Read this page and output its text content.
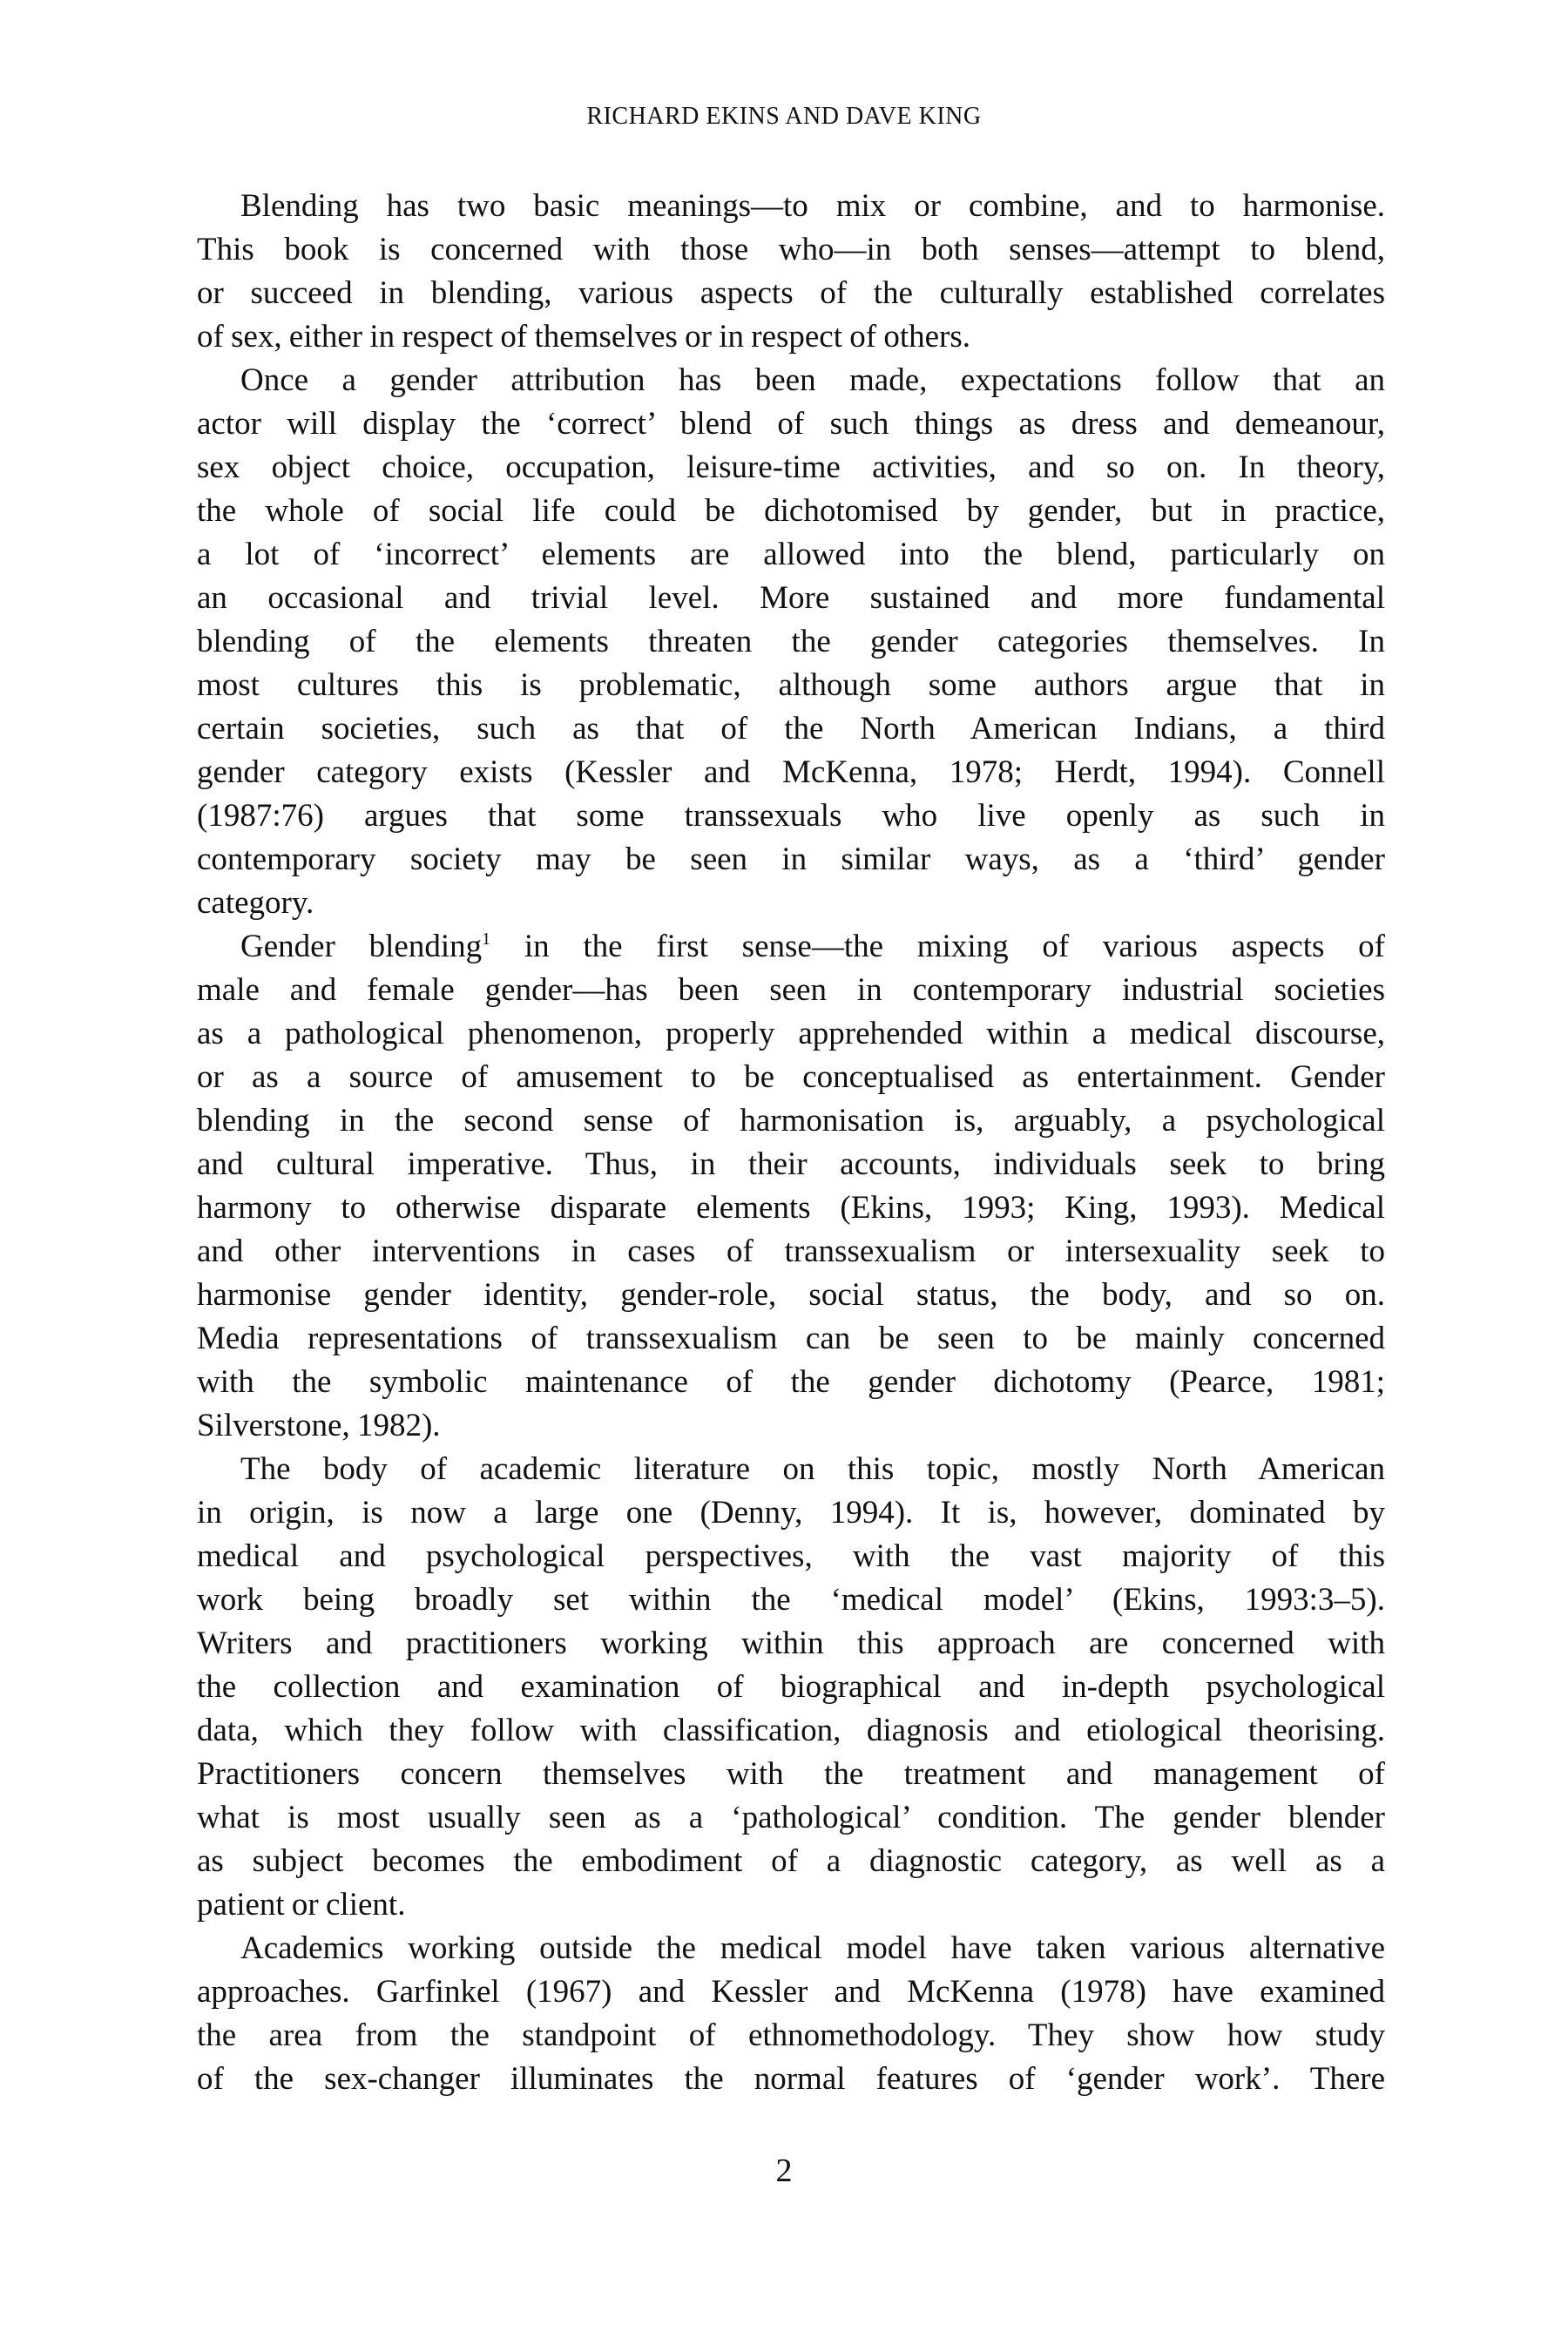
RICHARD EKINS AND DAVE KING
Blending has two basic meanings—to mix or combine, and to harmonise.
This book is concerned with those who—in both senses—attempt to blend,
or succeed in blending, various aspects of the culturally established correlates
of sex, either in respect of themselves or in respect of others.
Once a gender attribution has been made, expectations follow that an
actor will display the ‘correct’ blend of such things as dress and demeanour,
sex object choice, occupation, leisure-time activities, and so on. In theory,
the whole of social life could be dichotomised by gender, but in practice,
a lot of ‘incorrect’ elements are allowed into the blend, particularly on
an occasional and trivial level. More sustained and more fundamental
blending of the elements threaten the gender categories themselves. In
most cultures this is problematic, although some authors argue that in
certain societies, such as that of the North American Indians, a third
gender category exists (Kessler and McKenna, 1978; Herdt, 1994). Connell
(1987:76) argues that some transsexuals who live openly as such in
contemporary society may be seen in similar ways, as a ‘third’ gender
category.
Gender blending$^1$ in the first sense—the mixing of various aspects of
male and female gender—has been seen in contemporary industrial societies
as a pathological phenomenon, properly apprehended within a medical discourse,
or as a source of amusement to be conceptualised as entertainment. Gender
blending in the second sense of harmonisation is, arguably, a psychological
and cultural imperative. Thus, in their accounts, individuals seek to bring
harmony to otherwise disparate elements (Ekins, 1993; King, 1993). Medical
and other interventions in cases of transsexualism or intersexuality seek to
harmonise gender identity, gender-role, social status, the body, and so on.
Media representations of transsexualism can be seen to be mainly concerned
with the symbolic maintenance of the gender dichotomy (Pearce, 1981;
Silverstone, 1982).
The body of academic literature on this topic, mostly North American
in origin, is now a large one (Denny, 1994). It is, however, dominated by
medical and psychological perspectives, with the vast majority of this
work being broadly set within the ‘medical model’ (Ekins, 1993:3–5).
Writers and practitioners working within this approach are concerned with
the collection and examination of biographical and in-depth psychological
data, which they follow with classification, diagnosis and etiological theorising.
Practitioners concern themselves with the treatment and management of
what is most usually seen as a ‘pathological’ condition. The gender blender
as subject becomes the embodiment of a diagnostic category, as well as a
patient or client.
Academics working outside the medical model have taken various alternative
approaches. Garfinkel (1967) and Kessler and McKenna (1978) have examined
the area from the standpoint of ethnomethodology. They show how study
of the sex-changer illuminates the normal features of ‘gender work’. There
2
